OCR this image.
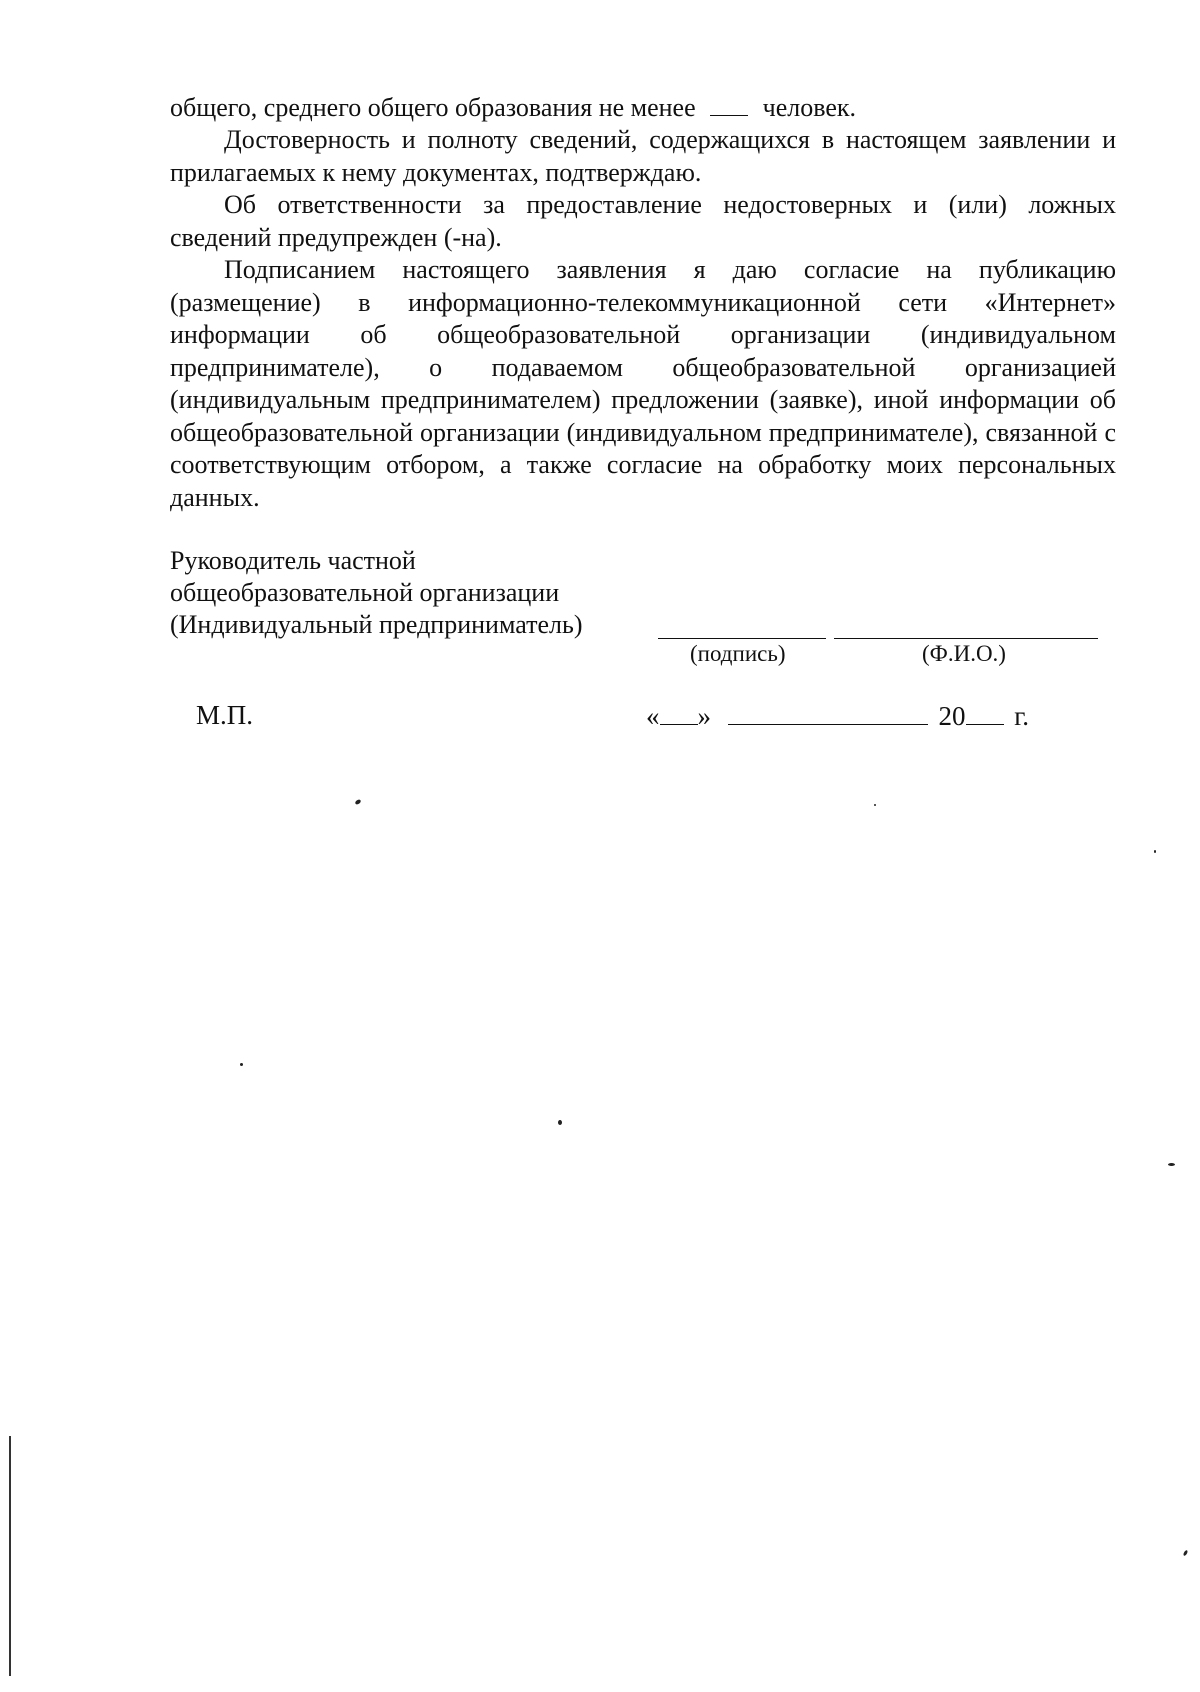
общего, среднего общего образования не менее	человек.

Достоверность и полноту сведений, содержащихся в настоящем заявлении и прилагаемых к нему документах, подтверждаю.

Об ответственности за предоставление недостоверных и (или) ложных сведений предупрежден (-на).

Подписанием настоящего заявления я даю согласие на публикацию (размещение) в информационно-телекоммуникационной сети «Интернет» информации об общеобразовательной организации (индивидуальном предпринимателе), о подаваемом общеобразовательной организацией (индивидуальным предпринимателем) предложении (заявке), иной информации об общеобразовательной организации (индивидуальном предпринимателе), связанной с соответствующим отбором, а также согласие на обработку моих персональных данных.

Руководитель частной
общеобразовательной организации
(Индивидуальный предприниматель)
(подпись)	(Ф.И.О.)
М.П.	« »	20 г.
